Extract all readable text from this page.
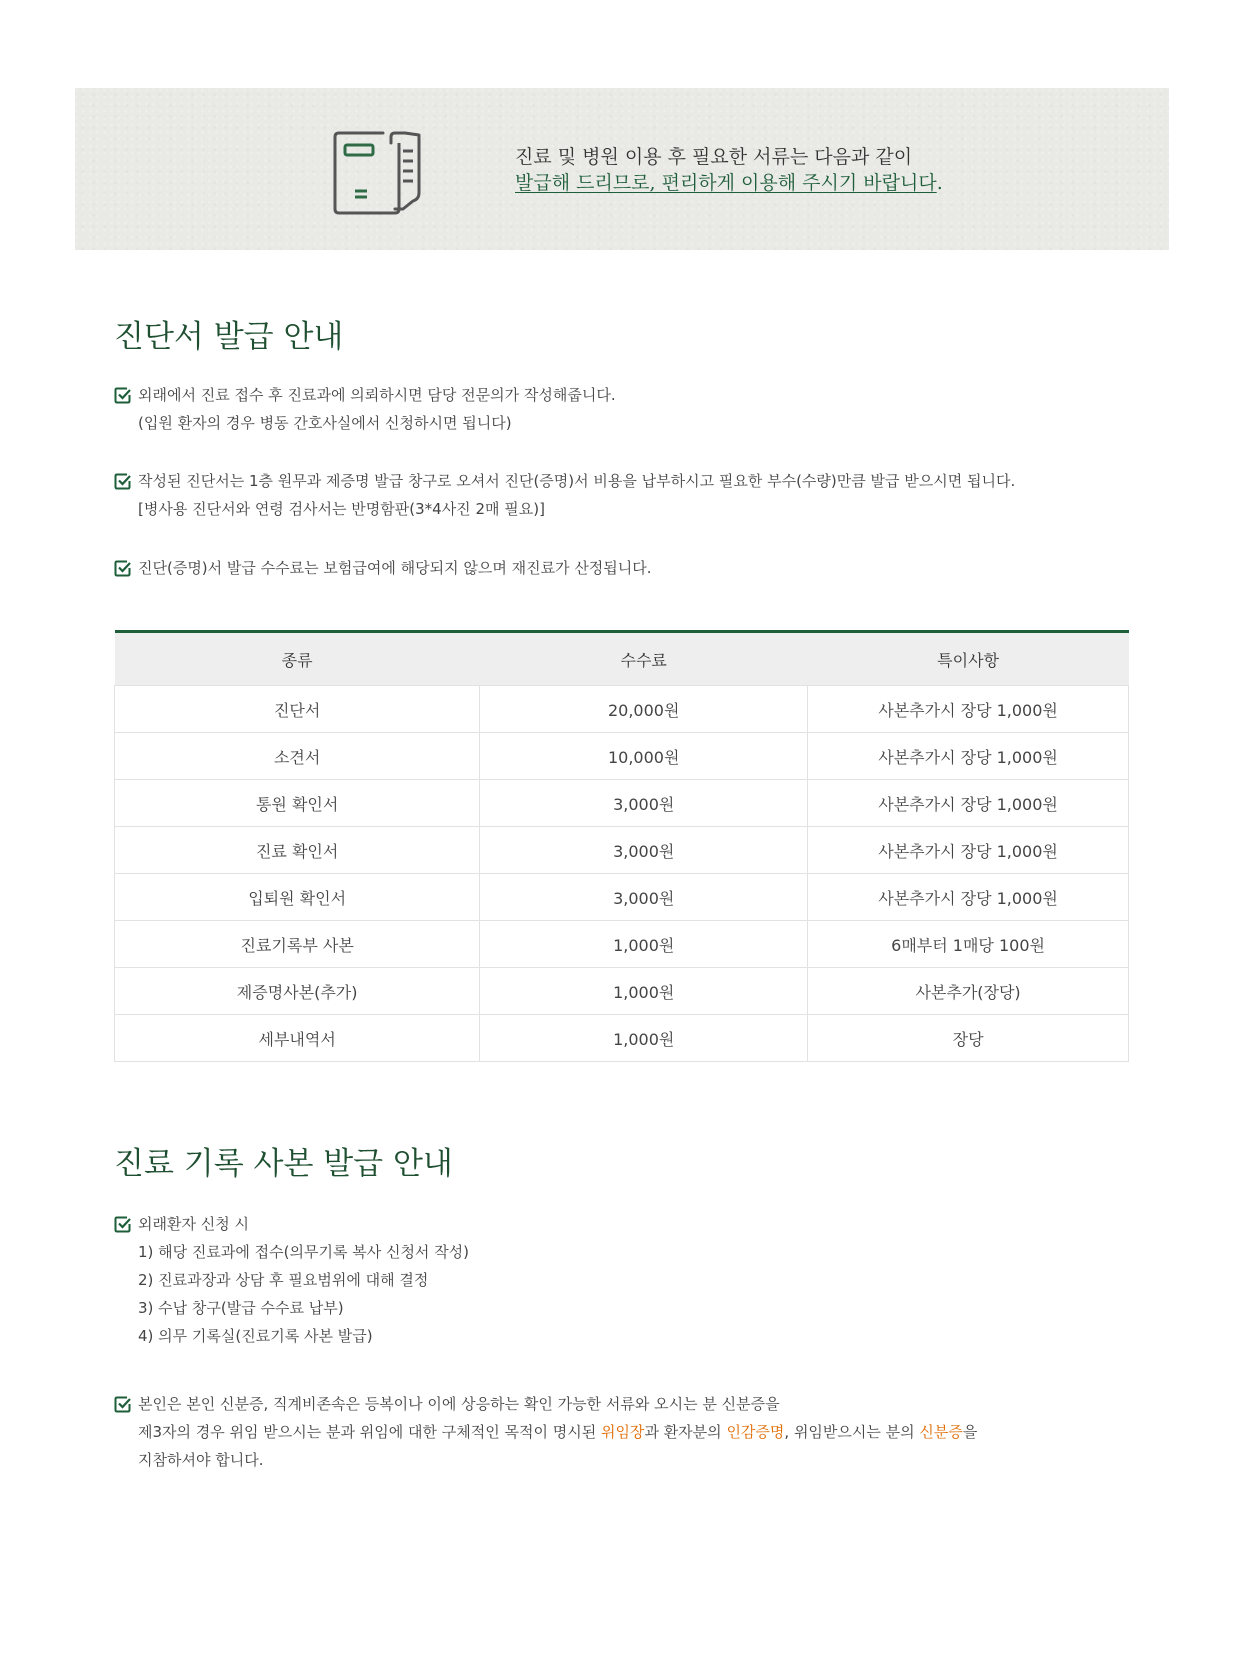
진료 및 병원 이용 후 필요한 서류는 다음과 같이
발급해 드리므로, 편리하게 이용해 주시기 바랍니다.
진단서 발급 안내
외래에서 진료 접수 후 진료과에 의뢰하시면 담당 전문의가 작성해줍니다.
(입원 환자의 경우 병동 간호사실에서 신청하시면 됩니다)
작성된 진단서는 1층 원무과 제증명 발급 창구로 오셔서 진단(증명)서 비용을 납부하시고 필요한 부수(수량)만큼 발급 받으시면 됩니다.
[병사용 진단서와 연령 검사서는 반명함판(3*4사진 2매 필요)]
진단(증명)서 발급 수수료는 보험급여에 해당되지 않으며 재진료가 산정됩니다.
종류	수수료	특이사항
진단서	20,000원	사본추가시 장당 1,000원
소견서	10,000원	사본추가시 장당 1,000원
통원 확인서	3,000원	사본추가시 장당 1,000원
진료 확인서	3,000원	사본추가시 장당 1,000원
입퇴원 확인서	3,000원	사본추가시 장당 1,000원
진료기록부 사본	1,000원	6매부터 1매당 100원
제증명사본(추가)	1,000원	사본추가(장당)
세부내역서	1,000원	장당
진료 기록 사본 발급 안내
외래환자 신청 시
1) 해당 진료과에 접수(의무기록 복사 신청서 작성)
2) 진료과장과 상담 후 필요범위에 대해 결정
3) 수납 창구(발급 수수료 납부)
4) 의무 기록실(진료기록 사본 발급)
본인은 본인 신분증, 직계비존속은 등복이나 이에 상응하는 확인 가능한 서류와 오시는 분 신분증을
제3자의 경우 위임 받으시는 분과 위임에 대한 구체적인 목적이 명시된 위임장과 환자분의 인감증명, 위임받으시는 분의 신분증을
지참하셔야 합니다.
